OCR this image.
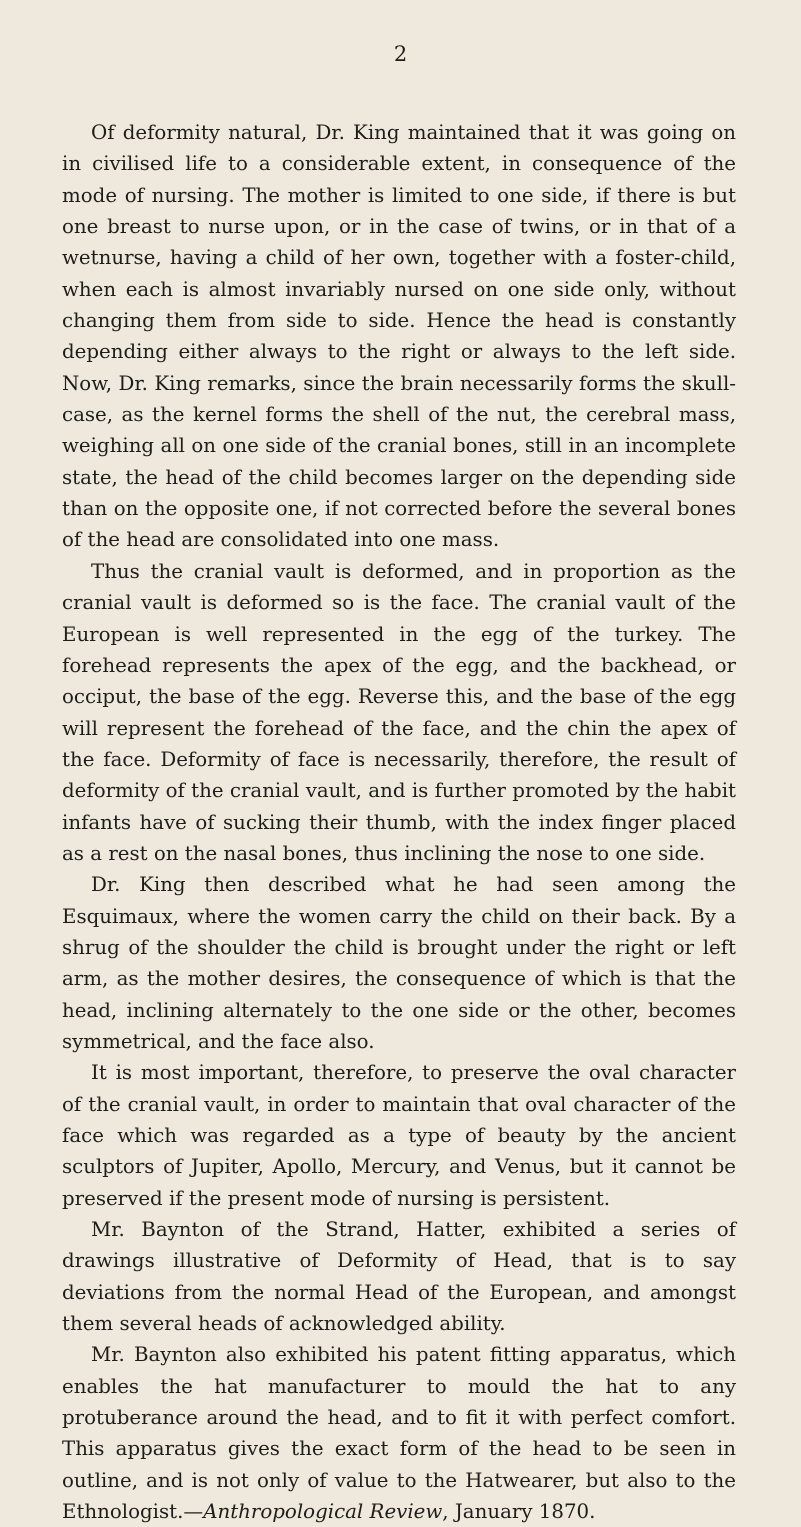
2

Of deformity natural, Dr. King maintained that it was going on in civilised life to a considerable extent, in consequence of the mode of nursing. The mother is limited to one side, if there is but one breast to nurse upon, or in the case of twins, or in that of a wetnurse, having a child of her own, together with a foster-child, when each is almost invariably nursed on one side only, without changing them from side to side. Hence the head is constantly depending either always to the right or always to the left side. Now, Dr. King remarks, since the brain necessarily forms the skull-case, as the kernel forms the shell of the nut, the cerebral mass, weighing all on one side of the cranial bones, still in an incomplete state, the head of the child becomes larger on the depending side than on the opposite one, if not corrected before the several bones of the head are consolidated into one mass.

Thus the cranial vault is deformed, and in proportion as the cranial vault is deformed so is the face. The cranial vault of the European is well represented in the egg of the turkey. The forehead represents the apex of the egg, and the backhead, or occiput, the base of the egg. Reverse this, and the base of the egg will represent the forehead of the face, and the chin the apex of the face. Deformity of face is necessarily, therefore, the result of deformity of the cranial vault, and is further promoted by the habit infants have of sucking their thumb, with the index finger placed as a rest on the nasal bones, thus inclining the nose to one side.

Dr. King then described what he had seen among the Esquimaux, where the women carry the child on their back. By a shrug of the shoulder the child is brought under the right or left arm, as the mother desires, the consequence of which is that the head, inclining alternately to the one side or the other, becomes symmetrical, and the face also.

It is most important, therefore, to preserve the oval character of the cranial vault, in order to maintain that oval character of the face which was regarded as a type of beauty by the ancient sculptors of Jupiter, Apollo, Mercury, and Venus, but it cannot be preserved if the present mode of nursing is persistent.

Mr. Baynton of the Strand, Hatter, exhibited a series of drawings illustrative of Deformity of Head, that is to say deviations from the normal Head of the European, and amongst them several heads of acknowledged ability.

Mr. Baynton also exhibited his patent fitting apparatus, which enables the hat manufacturer to mould the hat to any protuberance around the head, and to fit it with perfect comfort. This apparatus gives the exact form of the head to be seen in outline, and is not only of value to the Hatwearer, but also to the Ethnologist.—Anthropological Review, January 1870.
